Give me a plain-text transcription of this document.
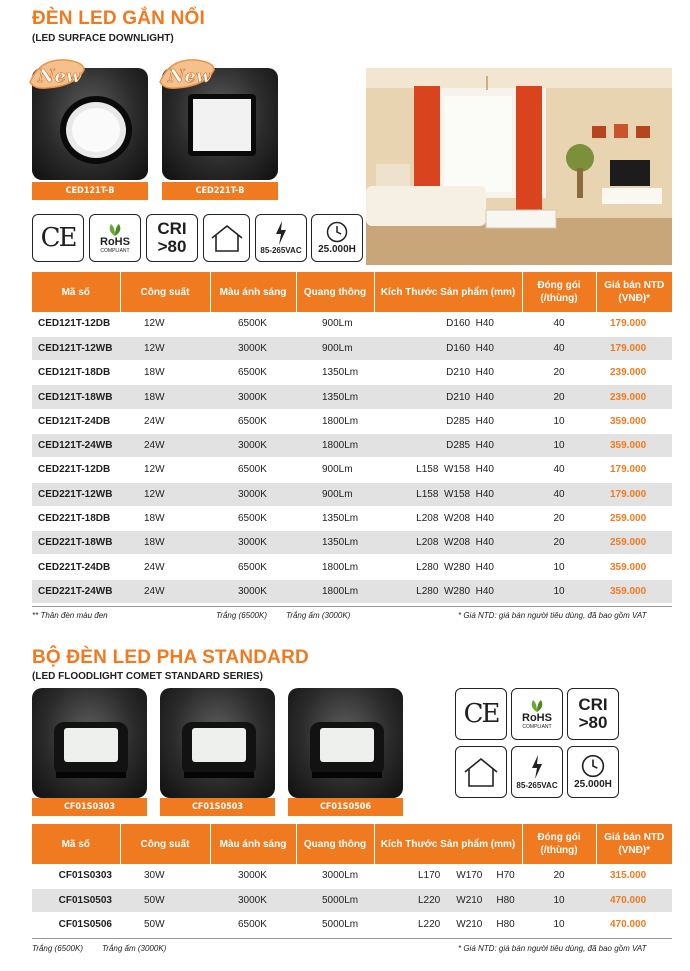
ĐÈN LED GẮN NỔI
(LED SURFACE DOWNLIGHT)
CED121T-B
New
CED221T-B
New
CE RoHS
COMPLIANT
CRI
>80	85-265VAC 25.000H
Mã số	Công suất	Màu ánh sáng	Quang thông	Kích Thước Sản phẩm (mm)	Đóng gói (/thùng)	Giá bán NTD (VNĐ)*
CED121T-12DB	12W	6500K	900Lm	D160 H40	40	179.000
CED121T-12WB	12W	3000K	900Lm	D160 H40	40	179.000
CED121T-18DB	18W	6500K	1350Lm	D210 H40	20	239.000
CED121T-18WB	18W	3000K	1350Lm	D210 H40	20	239.000
CED121T-24DB	24W	6500K	1800Lm	D285 H40	10	359.000
CED121T-24WB	24W	3000K	1800Lm	D285 H40	10	359.000
CED221T-12DB	12W	6500K	900Lm	L158 W158 H40	40	179.000
CED221T-12WB	12W	3000K	900Lm	L158 W158 H40	40	179.000
CED221T-18DB	18W	6500K	1350Lm	L208 W208 H40	20	259.000
CED221T-18WB	18W	3000K	1350Lm	L208 W208 H40	20	259.000
CED221T-24DB	24W	6500K	1800Lm	L280 W280 H40	10	359.000
CED221T-24WB	24W	3000K	1800Lm	L280 W280 H40	10	359.000
** Thân đèn màu đen	Trắng (6500K) Trắng ấm (3000K)	* Giá NTD: giá bán người tiêu dùng, đã bao gồm VAT
BỘ ĐÈN LED PHA STANDARD
(LED FLOODLIGHT COMET STANDARD SERIES)
CF01S0303	CF01S0503	CF01S0506
CE RoHS
COMPLIANT
CRI
>80
85-265VAC 25.000H
Mã số	Công suất	Màu ánh sáng	Quang thông	Kích Thước Sản phẩm (mm)	Đóng gói (/thùng)	Giá bán NTD (VNĐ)*
CF01S0303	30W	3000K	3000Lm	L170 W170 H70	20	315.000
CF01S0503	50W	3000K	5000Lm	L220 W210 H80	10	470.000
CF01S0506	50W	6500K	5000Lm	L220 W210 H80	10	470.000
Trắng (6500K) Trắng ấm (3000K)	* Giá NTD: giá bán người tiêu dùng, đã bao gồm VAT
